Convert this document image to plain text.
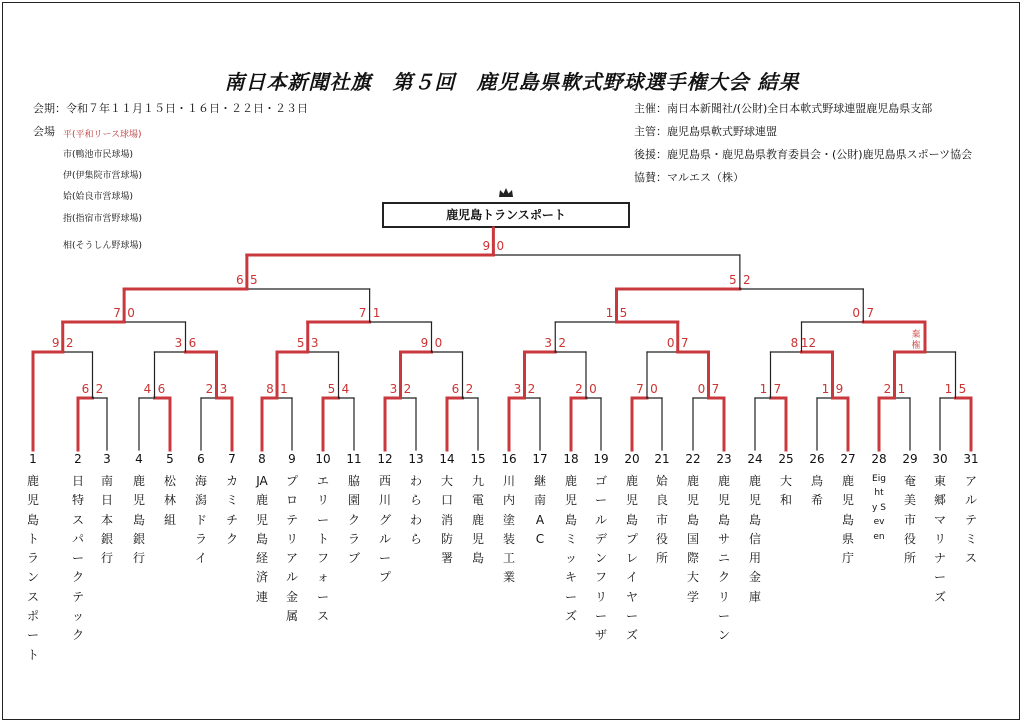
南日本新聞社旗　第５回　鹿児島県軟式野球選手権大会 結果
会期：令和７年１１月１５日・１６日・２２日・２３日
会場 平(平和リース球場)
市(鴨池市民球場)
伊(伊集院市営球場)
姶(姶良市営球場)
指(指宿市営野球場)
相(そうしん野球場)
主催：南日本新聞社/(公財)全日本軟式野球連盟鹿児島県支部
主管：鹿児島県軟式野球連盟
後援：鹿児島県・鹿児島県教育委員会・(公財)鹿児島県スポーツ協会
協賛：マルエス（株）
鹿児島トランスポート
棄権
6 2	4 6	2 3	8 1	5 4	3 2	6 2	3 2	2 0	7 0	0 7	1 7	1 9	2 1	1 5
9 2	3 6	5 3	9 0	3 2	0 7	8 12
7 0	7 1	1 5	0 7
6 5	5 2
9 0
1
鹿児島トランスポート
2
日特スパークテック
3
南日本銀行
4
鹿児島銀行
5
松林組
6
海潟ドライ
7
カミチク
8
JA鹿児島経済連
9
プロテリアル金属
10
エリートフォース
11
脇園クラブ
12
西川グループ
13
わらわら
14
大口消防署
15
九電鹿児島
16
川内塗装工業
17
継南AC
18
鹿児島ミッキーズ
19
ゴールデンフリーザ
20
鹿児島プレイヤーズ
21
姶良市役所
22
鹿児島国際大学
23
鹿児島サニクリーン
24
鹿児島信用金庫
25
大和
26
鳥希
27
鹿児島県庁
28
Eighty Seven
29
奄美市役所
30
東郷マリナーズ
31
アルテミス
